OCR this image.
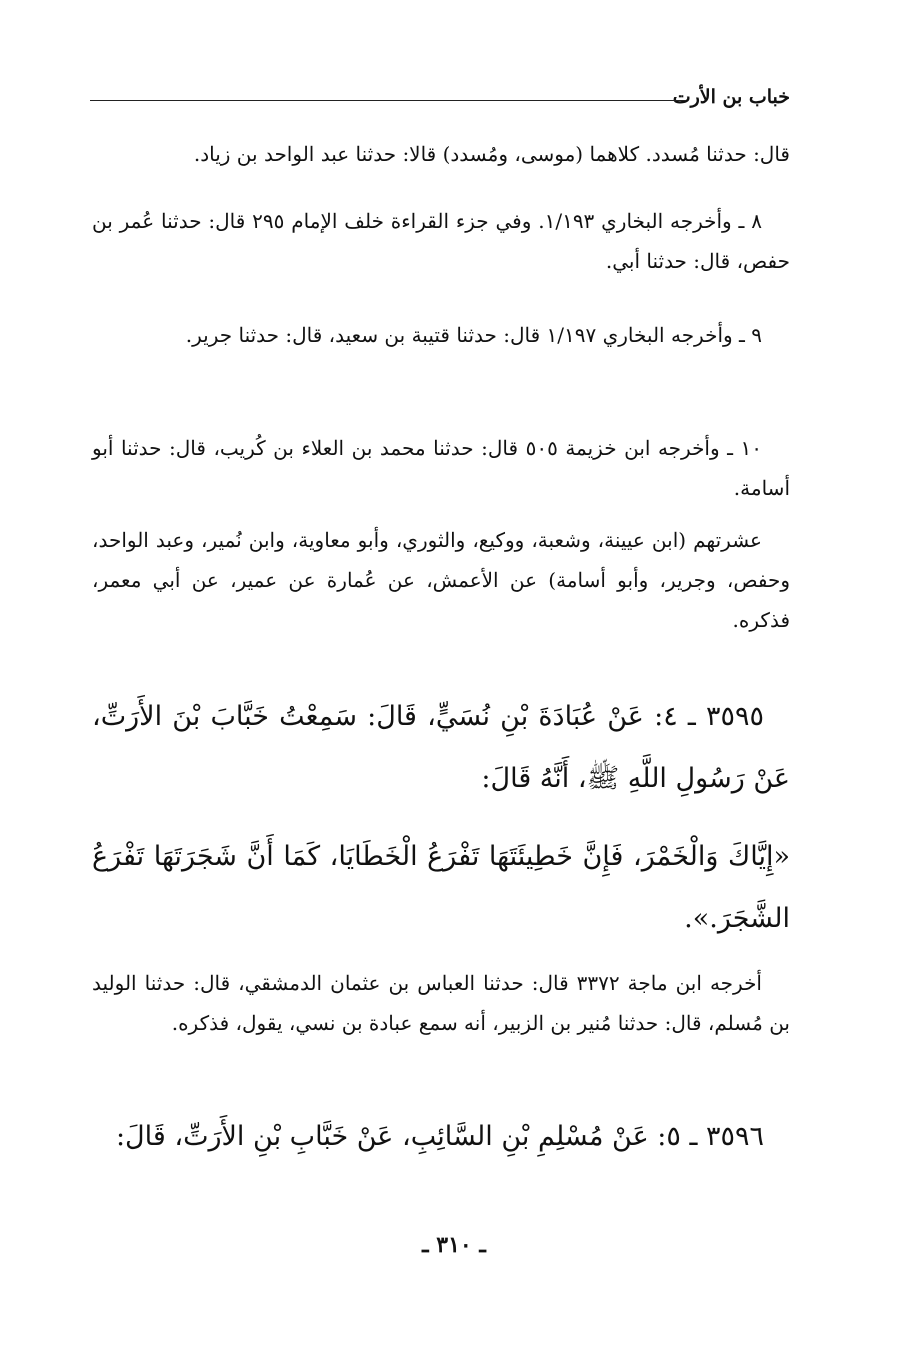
خباب بن الأرت

قال: حدثنا مُسدد. كلاهما (موسى، ومُسدد) قالا: حدثنا عبد الواحد بن زياد.

٨ ـ وأخرجه البخاري ١/١٩٣. وفي جزء القراءة خلف الإمام ٢٩٥ قال: حدثنا عُمر بن حفص، قال: حدثنا أبي.

٩ ـ وأخرجه البخاري ١/١٩٧ قال: حدثنا قتيبة بن سعيد، قال: حدثنا جرير.

١٠ ـ وأخرجه ابن خزيمة ٥٠٥ قال: حدثنا محمد بن العلاء بن كُريب، قال: حدثنا أبو أسامة.

عشرتهم (ابن عيينة، وشعبة، ووكيع، والثوري، وأبو معاوية، وابن نُمير، وعبد الواحد، وحفص، وجرير، وأبو أسامة) عن الأعمش، عن عُمارة عن عمير، عن أبي معمر، فذكره.

٣٥٩٥ ـ ٤: عَنْ عُبَادَةَ بْنِ نُسَيٍّ، قَالَ: سَمِعْتُ خَبَّابَ بْنَ الأَرَتِّ، عَنْ رَسُولِ اللَّهِ ﷺ، أَنَّهُ قَالَ:

«إِيَّاكَ وَالْخَمْرَ، فَإِنَّ خَطِيئَتَهَا تَفْرَعُ الْخَطَايَا، كَمَا أَنَّ شَجَرَتَهَا تَفْرَعُ الشَّجَرَ.».

أخرجه ابن ماجة ٣٣٧٢ قال: حدثنا العباس بن عثمان الدمشقي، قال: حدثنا الوليد بن مُسلم، قال: حدثنا مُنير بن الزبير، أنه سمع عبادة بن نسي، يقول، فذكره.

٣٥٩٦ ـ ٥: عَنْ مُسْلِمِ بْنِ السَّائِبِ، عَنْ خَبَّابِ بْنِ الأَرَتِّ، قَالَ:

ـ ٣١٠ ـ
